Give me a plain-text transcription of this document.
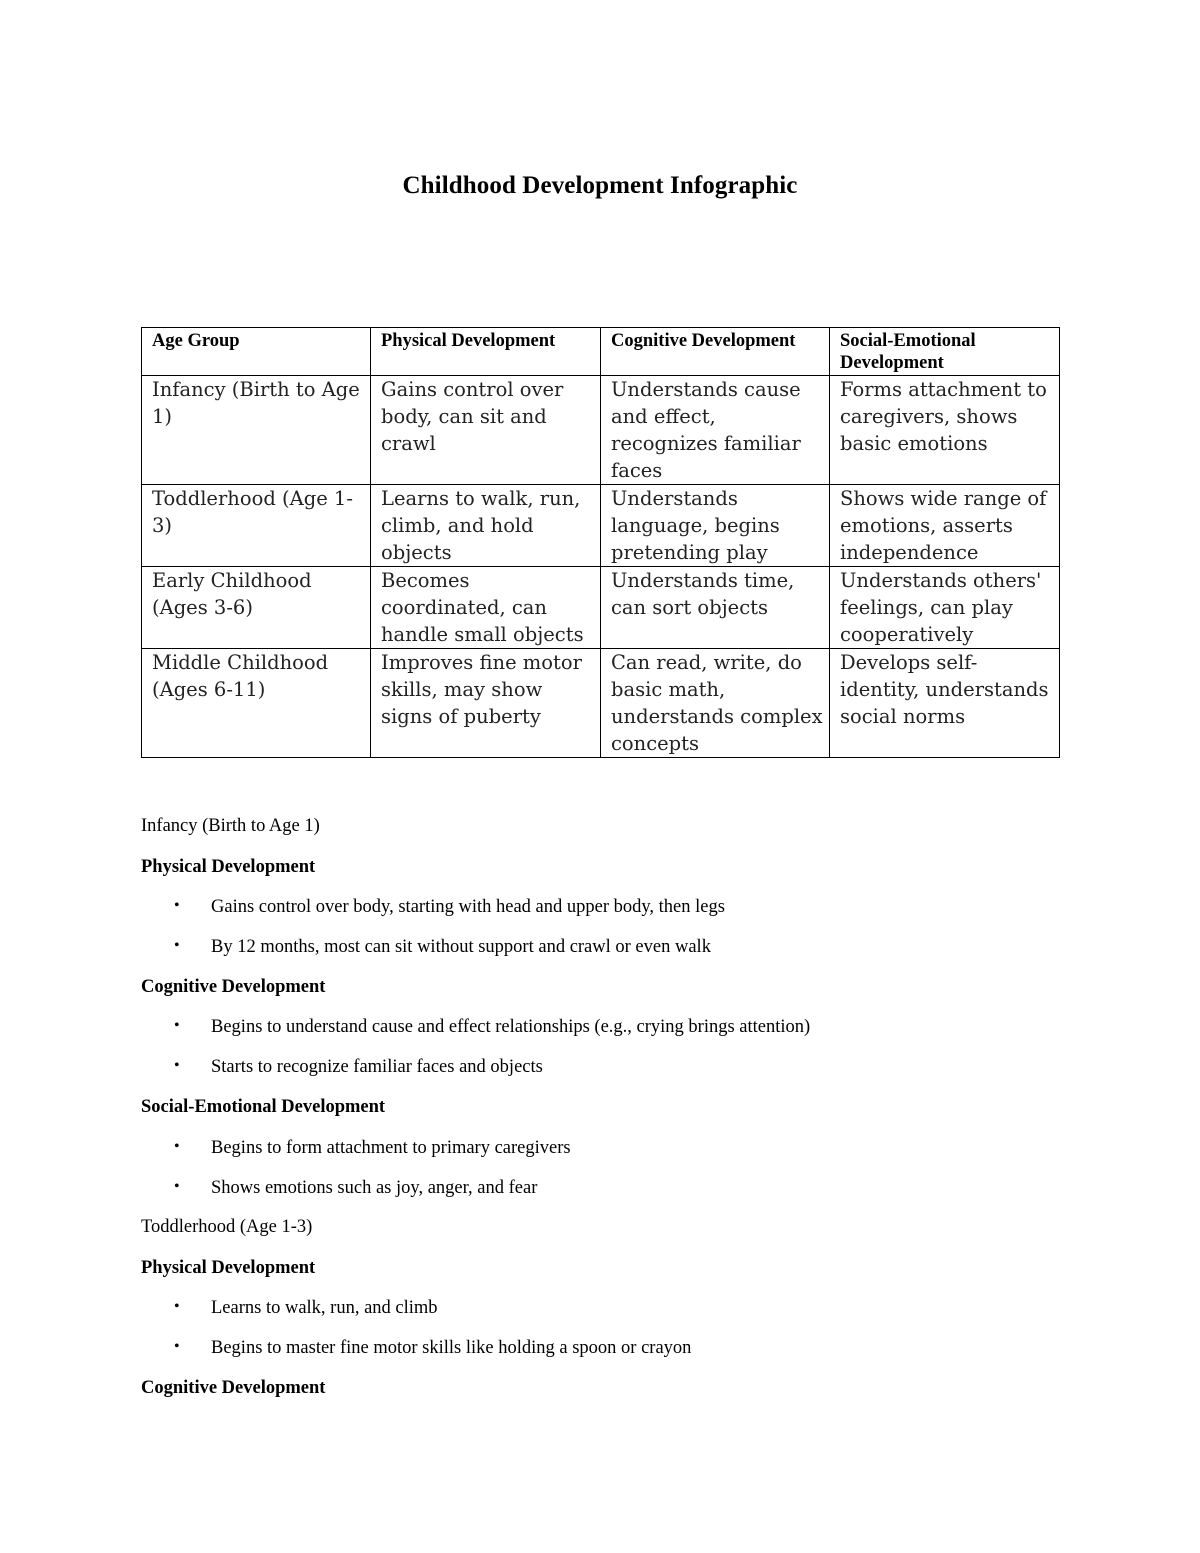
Childhood Development Infographic
Age Group	Physical Development	Cognitive Development	Social-Emotional Development
Infancy (Birth to Age 1)	Gains control over body, can sit and crawl	Understands cause and effect, recognizes familiar faces	Forms attachment to caregivers, shows basic emotions
Toddlerhood (Age 1-3)	Learns to walk, run, climb, and hold objects	Understands language, begins pretending play	Shows wide range of emotions, asserts independence
Early Childhood (Ages 3-6)	Becomes coordinated, can handle small objects	Understands time, can sort objects	Understands others' feelings, can play cooperatively
Middle Childhood (Ages 6-11)	Improves fine motor skills, may show signs of puberty	Can read, write, do basic math, understands complex concepts	Develops self-identity, understands social norms
Infancy (Birth to Age 1)
Physical Development
• Gains control over body, starting with head and upper body, then legs
• By 12 months, most can sit without support and crawl or even walk
Cognitive Development
• Begins to understand cause and effect relationships (e.g., crying brings attention)
• Starts to recognize familiar faces and objects
Social-Emotional Development
• Begins to form attachment to primary caregivers
• Shows emotions such as joy, anger, and fear
Toddlerhood (Age 1-3)
Physical Development
• Learns to walk, run, and climb
• Begins to master fine motor skills like holding a spoon or crayon
Cognitive Development
